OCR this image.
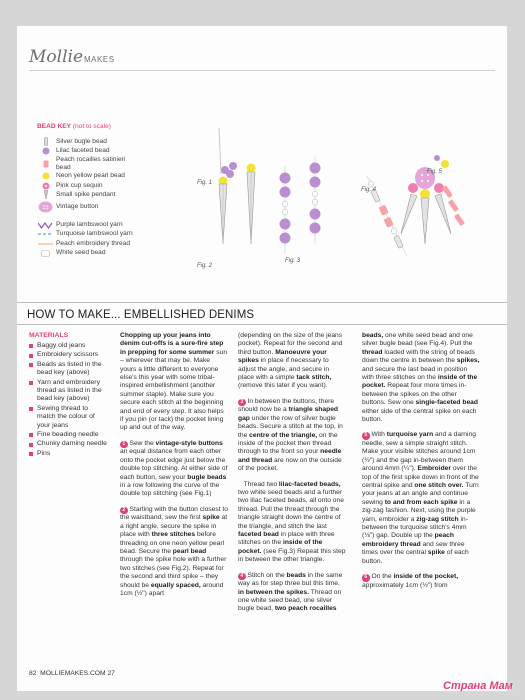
MollieMAKES
BEAD KEY (not to scale)
Silver bugle bead
Lilac faceted bead
Peach rocailles satinieri bead
Neon yellow pearl bead
Pink cup sequin
Small spike pendant
Vintage button
Purple lambswool yarn
Turquoise lambswool yarn
Peach embroidery thread
White seed bead
Fig. 1
Fig. 2
Fig. 3
Fig. 4
Fig. 5
HOW TO MAKE... EMBELLISHED DENIMS
MATERIALS
Baggy old jeans
Embroidery scissors
Beads as listed in the bead key (above)
Yarn and embroidery thread as listed in the bead key (above)
Sewing thread to match the colour of your jeans
Fine beading needle
Chunky darning needle
Pins

Chopping up your jeans into denim cut-offs is a sure-fire step in prepping for some summer sun – wherever that may be. Make yours a little different to everyone else's this year with some tribal-inspired embellishment (another summer staple). Make sure you secure each stitch at the beginning and end of every step. It also helps if you pin (or tack) the pocket lining up and out of the way.

1 Sew the vintage-style buttons an equal distance from each other onto the pocket edge just below the double top stitching. At either side of each button, sew your bugle beads in a row following the curve of the double top stitching (see Fig.1)

2 Starting with the button closest to the waistband, sew the first spike at a right angle, secure the spike in place with three stitches before threading on one neon yellow pearl bead. Secure the pearl bead through the spike hole with a further two stitches (see Fig.2). Repeat for the second and third spike – they should be equally spaced, around 1cm (½") apart

(depending on the size of the jeans pocket). Repeat for the second and third button. Manoeuvre your spikes in place if necessary to adjust the angle, and secure in place with a simple tack stitch, (remove this later if you want).

3 In between the buttons, there should now be a triangle shaped gap under the row of silver bugle beads. Secure a stitch at the top, in the centre of the triangle, on the inside of the pocket then thread through to the front so your needle and thread are now on the outside of the pocket.

Thread two lilac-faceted beads, two white seed beads and a further two lilac faceted beads, all onto one thread. Pull the thread through the triangle straight down the centre of the triangle, and stitch the last faceted bead in place with three stitches on the inside of the pocket. (see Fig.3) Repeat this step in between the other triangle.

4 Stitch on the beads in the same way as for step three but this time, in between the spikes. Thread on one white seed bead, one silver bugle bead, two peach rocailles

beads, one white seed bead and one silver bugle bead (see Fig.4). Pull the thread loaded with the string of beads down the centre in between the spikes, and secure the last bead in position with three stitches on the inside of the pocket. Repeat four more times in-between the spikes on the other buttons. Sew one single-faceted bead either side of the central spike on each button.

5 With turquoise yarn and a darning needle, sew a simple straight stitch. Make your visible stitches around 1cm (½") and the gap in-between them around 4mm (¼"). Embroider over the top of the first spike down in front of the central spike and one stitch over. Turn your jeans at an angle and continue sewing to and from each spike in a zig-zag fashion. Next, using the purple yarn, embroider a zig-zag stitch in-between the turquoise stitch's 4mm (⅛") gap. Double up the peach embroidery thread and sew three times over the central spike of each button.

6 On the inside of the pocket, approximately 1cm (½") from

82 MOLLIEMAKES.COM 27
Страна Мам
